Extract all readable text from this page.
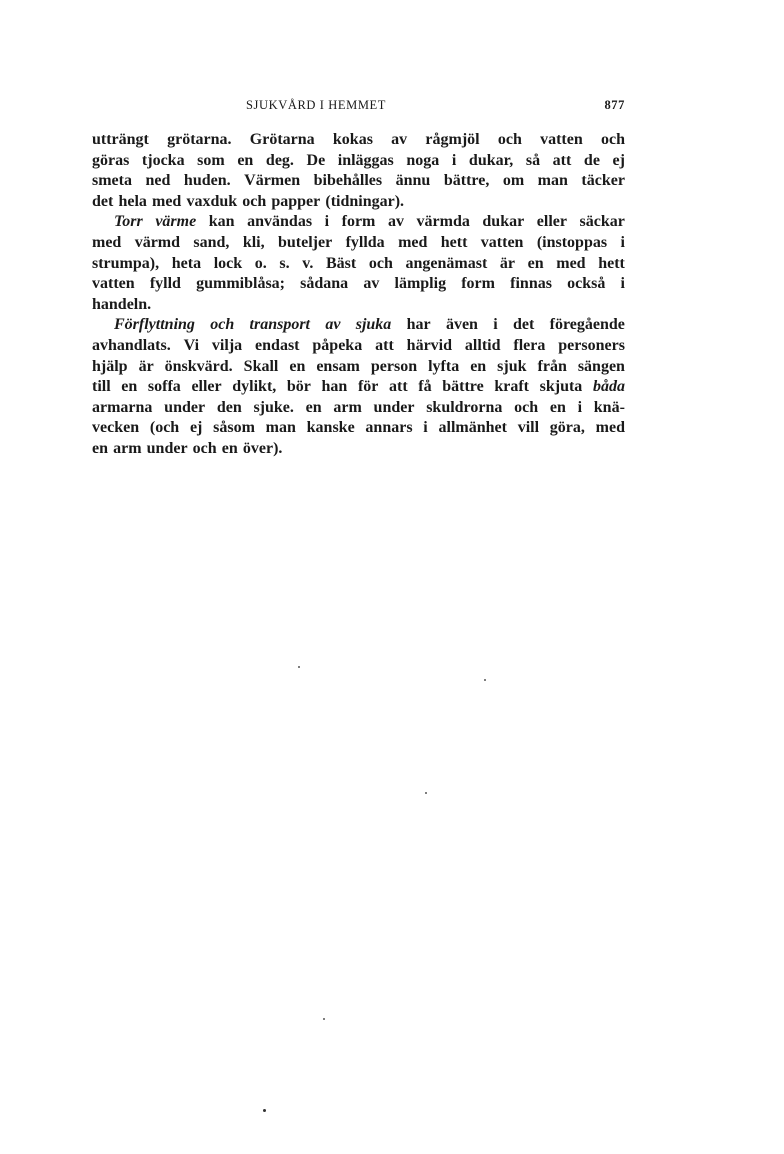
SJUKVÅRD I HEMMET	877
utträngt grötarna. Grötarna kokas av rågmjöl och vatten och
göras tjocka som en deg. De inläggas noga i dukar, så att de ej
smeta ned huden. Värmen bibehålles ännu bättre, om man täcker
det hela med vaxduk och papper (tidningar).
Torr värme kan användas i form av värmda dukar eller säckar
med värmd sand, kli, buteljer fyllda med hett vatten (instoppas i
strumpa), heta lock o. s. v. Bäst och angenämast är en med hett
vatten fylld gummiblåsa; sådana av lämplig form finnas också i
handeln.
Förflyttning och transport av sjuka har även i det föregående
avhandlats. Vi vilja endast påpeka att härvid alltid flera personers
hjälp är önskvärd. Skall en ensam person lyfta en sjuk från sängen
till en soffa eller dylikt, bör han för att få bättre kraft skjuta båda
armarna under den sjuke. en arm under skuldrorna och en i knä-
vecken (och ej såsom man kanske annars i allmänhet vill göra, med
en arm under och en över).
